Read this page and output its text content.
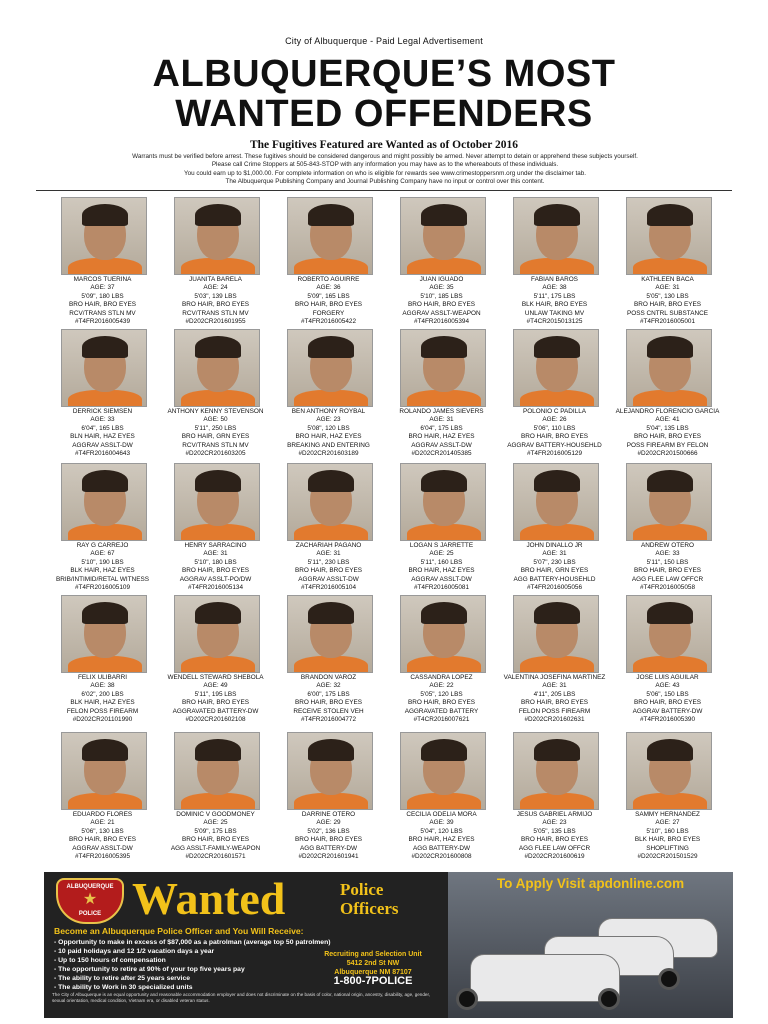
City of Albuquerque - Paid Legal Advertisement
ALBUQUERQUE’S MOST
WANTED OFFENDERS
The Fugitives Featured are Wanted as of October 2016
Warrants must be verified before arrest. These fugitives should be considered dangerous and might possibly be armed. Never attempt to detain or apprehend these subjects yourself.
Please call Crime Stoppers at 505-843-STOP with any information you may have as to the whereabouts of these individuals.
You could earn up to $1,000.00. For complete information on who is eligible for rewards see www.crimestoppersnm.org under the disclaimer tab.
The Albuquerque Publishing Company and Journal Publishing Company have no input or control over this content.
MARCOS TUERINA
AGE: 37
5'09", 180 LBS
BRO HAIR, BRO EYES
RCV/TRANS STLN MV
#T4FR2016005439
JUANITA BARELA
AGE: 24
5'03", 139 LBS
BRO HAIR, BRO EYES
RCV/TRANS STLN MV
#D202CR201601955
ROBERTO AGUIRRE
AGE: 36
5'09", 165 LBS
BRO HAIR, BRO EYES
FORGERY
#T4FR2016005422
JUAN IGUADO
AGE: 35
5'10", 185 LBS
BRO HAIR, BRO EYES
AGGRAV ASSLT-WEAPON
#T4FR2016005394
FABIAN BAROS
AGE: 38
5'11", 175 LBS
BLK HAIR, BRO EYES
UNLAW TAKING MV
#T4CR2015013125
KATHLEEN BACA
AGE: 31
5'05", 130 LBS
BRO HAIR, BRO EYES
POSS CNTRL SUBSTANCE
#T4FR2016005001
DERRICK SIEMSEN
AGE: 33
6'04", 165 LBS
BLN HAIR, HAZ EYES
AGGRAV ASSLT-DW
#T4FR2016004643
ANTHONY KENNY STEVENSON
AGE: 50
5'11", 250 LBS
BRO HAIR, GRN EYES
RCV/TRANS STLN MV
#D202CR201603205
BEN ANTHONY ROYBAL
AGE: 23
5'08", 120 LBS
BRO HAIR, HAZ EYES
BREAKING AND ENTERING
#D202CR201603189
ROLANDO JAMES SIEVERS
AGE: 31
6'04", 175 LBS
BRO HAIR, HAZ EYES
AGGRAV ASSLT-DW
#D202CR201405385
POLONIO C PADILLA
AGE: 26
5'06", 110 LBS
BRO HAIR, BRO EYES
AGGRAV BATTERY-HOUSEHLD
#T4FR2016005129
ALEJANDRO FLORENCIO GARCIA
AGE: 41
5'04", 135 LBS
BRO HAIR, BRO EYES
POSS FIREARM BY FELON
#D202CR201500666
RAY G CARREJO
AGE: 67
5'10", 190 LBS
BLK HAIR, HAZ EYES
BRIB/INTIMID/RETAL WITNESS
#T4FR2016005109
HENRY SARRACINO
AGE: 31
5'10", 180 LBS
BRO HAIR, BRO EYES
AGGRAV ASSLT-PO/DW
#T4FR2016005134
ZACHARIAH PAGANO
AGE: 31
5'11", 230 LBS
BRO HAIR, BRO EYES
AGGRAV ASSLT-DW
#T4FR2016005104
LOGAN S JARRETTE
AGE: 25
5'11", 160 LBS
BRO HAIR, HAZ EYES
AGGRAV ASSLT-DW
#T4FR2016005081
JOHN DINALLO JR
AGE: 31
5'07", 230 LBS
BRO HAIR, GRN EYES
AGG BATTERY-HOUSEHLD
#T4FR2016005056
ANDREW OTERO
AGE: 33
5'11", 150 LBS
BRO HAIR, BRO EYES
AGG FLEE LAW OFFCR
#T4FR2016005058
FELIX ULIBARRI
AGE: 38
6'02", 200 LBS
BLK HAIR, HAZ EYES
FELON POSS FIREARM
#D202CR201101990
WENDELL STEWARD SHEBOLA
AGE: 49
5'11", 195 LBS
BRO HAIR, BRO EYES
AGGRAVATED BATTERY-DW
#D202CR201602108
BRANDON VAROZ
AGE: 32
6'00", 175 LBS
BRO HAIR, BRO EYES
RECEIVE STOLEN VEH
#T4FR2016004772
CASSANDRA LOPEZ
AGE: 22
5'05", 120 LBS
BRO HAIR, BRO EYES
AGGRAVATED BATTERY
#T4CR2016007621
VALENTINA JOSEFINA MARTINEZ
AGE: 31
4'11", 205 LBS
BRO HAIR, BRO EYES
FELON POSS FIREARM
#D202CR201602631
JOSE LUIS AGUILAR
AGE: 43
5'06", 150 LBS
BRO HAIR, BRO EYES
AGGRAV BATTERY-DW
#T4FR2016005390
EDUARDO FLORES
AGE: 21
5'06", 130 LBS
BRO HAIR, BRO EYES
AGGRAV ASSLT-DW
#T4FR2016005395
DOMINIC V GOODMONEY
AGE: 25
5'09", 175 LBS
BRO HAIR, BRO EYES
AGG ASSLT-FAMILY-WEAPON
#D202CR201601571
DARRINE OTERO
AGE: 29
5'02", 136 LBS
BRO HAIR, BRO EYES
AGG BATTERY-DW
#D202CR201601941
CECILIA ODELIA MORA
AGE: 39
5'04", 120 LBS
BRO HAIR, HAZ EYES
AGG BATTERY-DW
#D202CR201600808
JESUS GABRIEL ARMIJO
AGE: 23
5'05", 135 LBS
BRO HAIR, BRO EYES
AGG FLEE LAW OFFCR
#D202CR201600619
SAMMY HERNANDEZ
AGE: 27
5'10", 160 LBS
BLK HAIR, BRO EYES
SHOPLIFTING
#D202CR201501529
ALBUQUERQUE
★
POLICE Wanted	Police
Officers
Become an Albuquerque Police Officer and You Will Receive:
- Opportunity to make in excess of $87,000 as a patrolman (average top 50 patrolmen)
- 10 paid holidays and 12 1/2 vacation days a year
- Up to 150 hours of compensation
- The opportunity to retire at 90% of your top five years pay
- The ability to retire after 25 years service
- The ability to Work in 30 specialized units
Recruiting and Selection Unit
5412 2nd St NW
Albuquerque NM 87107
1-800-7POLICE
The City of Albuquerque is an equal opportunity and reasonable accommodation employer and does not discriminate on the basis of color, national origin, ancestry, disability, age, gender, sexual orientation, medical condition, Vietnam era, or disabled veteran status.
To Apply Visit apdonline.com
